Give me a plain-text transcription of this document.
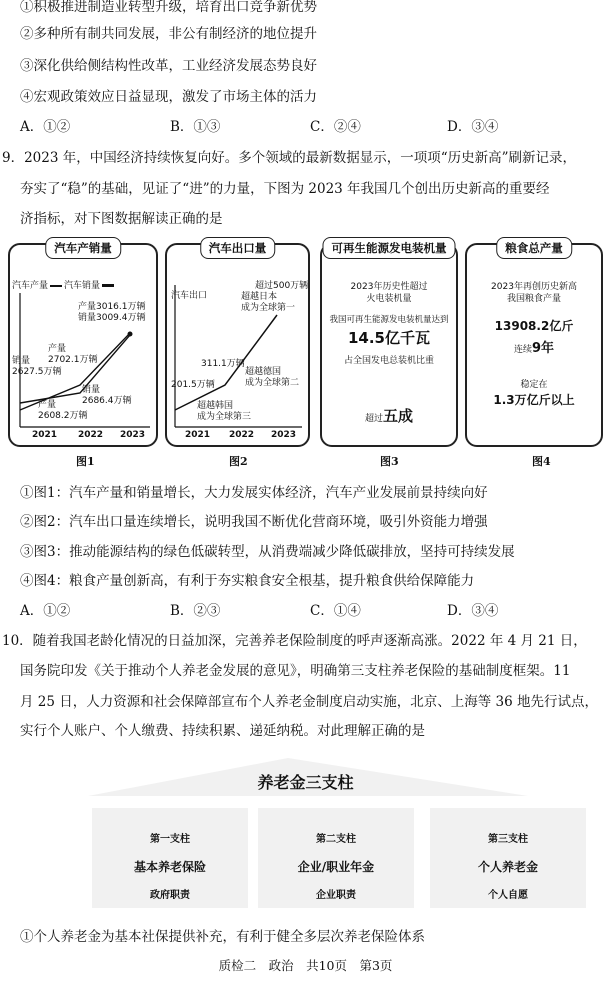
①积极推进制造业转型升级，培育出口竞争新优势
②多种所有制共同发展，非公有制经济的地位提升
③深化供给侧结构性改革，工业经济发展态势良好
④宏观政策效应日益显现，激发了市场主体的活力
A．①②	B．①③	C．②④	D．③④
9．2023 年，中国经济持续恢复向好。多个领域的最新数据显示，一项项“历史新高”刷新记录，
夯实了“稳”的基础，见证了“进”的力量，下图为 2023 年我国几个创出历史新高的重要经
济指标，对下图数据解读正确的是
汽车产销量
汽车产量 汽车销量
产量3016.1万辆
销量3009.4万辆
产量
2702.1万辆
销量
2627.5万辆
销量
2686.4万辆
产量
2608.2万辆
2021 2022 2023
图1
汽车出口量
汽车出口
超过500万辆
超越日本
成为全球第一
311.1万辆
超越德国
成为全球第二
201.5万辆
超越韩国
成为全球第三
2021 2022 2023
图2
可再生能源发电装机量
2023年历史性超过
火电装机量
我国可再生能源发电装机量达到
14.5亿千瓦
占全国发电总装机比重
超过五成
图3
粮食总产量
2023年再创历史新高
我国粮食产量
13908.2亿斤
连续9年
稳定在
1.3万亿斤以上
图4
①图1：汽车产量和销量增长，大力发展实体经济，汽车产业发展前景持续向好
②图2：汽车出口量连续增长，说明我国不断优化营商环境，吸引外资能力增强
③图3：推动能源结构的绿色低碳转型，从消费端减少降低碳排放，坚持可持续发展
④图4：粮食产量创新高，有利于夯实粮食安全根基，提升粮食供给保障能力
A．①②	B．②③	C．①④	D．③④
10．随着我国老龄化情况的日益加深，完善养老保险制度的呼声逐渐高涨。2022 年 4 月 21 日，
国务院印发《关于推动个人养老金发展的意见》，明确第三支柱养老保险的基础制度框架。11
月 25 日，人力资源和社会保障部宣布个人养老金制度启动实施，北京、上海等 36 地先行试点，
实行个人账户、个人缴费、持续积累、递延纳税。对此理解正确的是
养老金三支柱
第一支柱
基本养老保险
政府职责
第二支柱
企业/职业年金
企业职责
第三支柱
个人养老金
个人自愿
①个人养老金为基本社保提供补充，有利于健全多层次养老保险体系
质检二　政治　共10页　第3页
